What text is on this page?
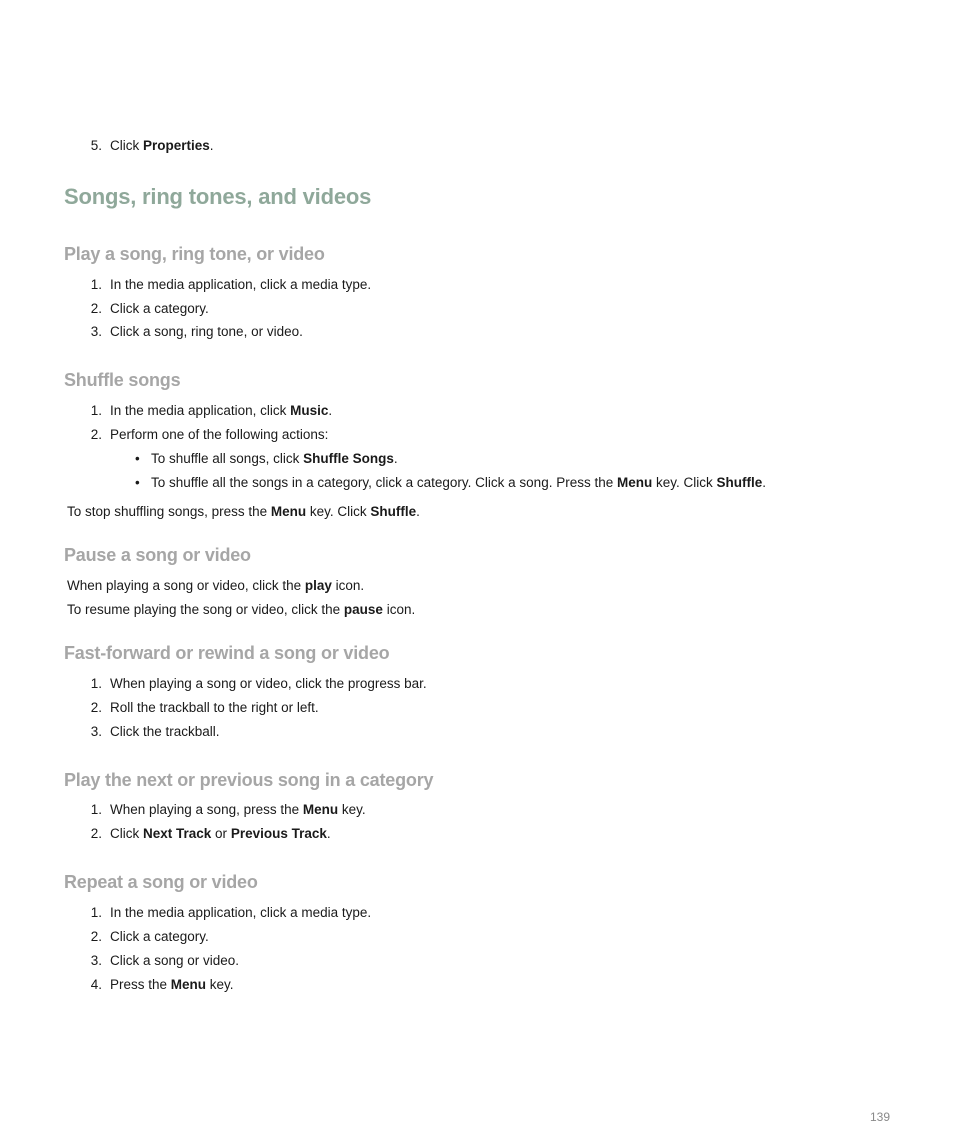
5. Click Properties.
Songs, ring tones, and videos
Play a song, ring tone, or video
1. In the media application, click a media type.
2. Click a category.
3. Click a song, ring tone, or video.
Shuffle songs
1. In the media application, click Music.
2. Perform one of the following actions:
• To shuffle all songs, click Shuffle Songs.
• To shuffle all the songs in a category, click a category. Click a song. Press the Menu key. Click Shuffle.
To stop shuffling songs, press the Menu key. Click Shuffle.
Pause a song or video
When playing a song or video, click the play icon.
To resume playing the song or video, click the pause icon.
Fast-forward or rewind a song or video
1. When playing a song or video, click the progress bar.
2. Roll the trackball to the right or left.
3. Click the trackball.
Play the next or previous song in a category
1. When playing a song, press the Menu key.
2. Click Next Track or Previous Track.
Repeat a song or video
1. In the media application, click a media type.
2. Click a category.
3. Click a song or video.
4. Press the Menu key.
139
